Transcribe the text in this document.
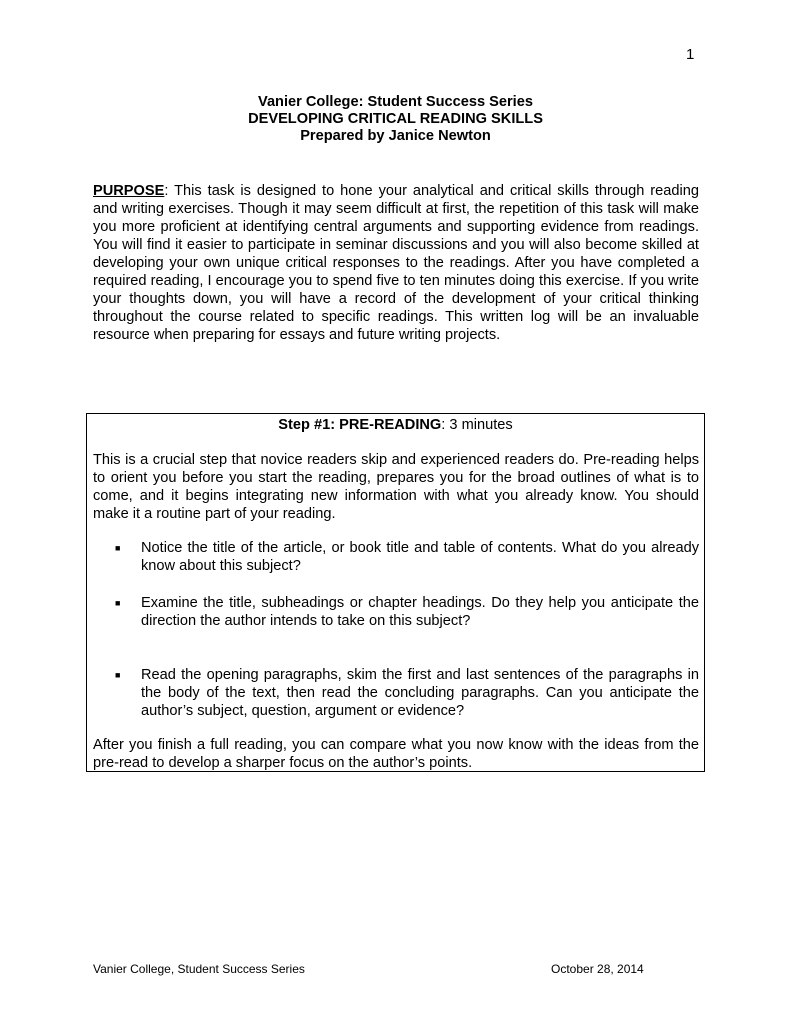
1
Vanier College: Student Success Series
DEVELOPING CRITICAL READING SKILLS
Prepared by Janice Newton
PURPOSE: This task is designed to hone your analytical and critical skills through reading and writing exercises. Though it may seem difficult at first, the repetition of this task will make you more proficient at identifying central arguments and supporting evidence from readings. You will find it easier to participate in seminar discussions and you will also become skilled at developing your own unique critical responses to the readings. After you have completed a required reading, I encourage you to spend five to ten minutes doing this exercise. If you write your thoughts down, you will have a record of the development of your critical thinking throughout the course related to specific readings. This written log will be an invaluable resource when preparing for essays and future writing projects.
Step #1: PRE-READING: 3 minutes
This is a crucial step that novice readers skip and experienced readers do. Pre-reading helps to orient you before you start the reading, prepares you for the broad outlines of what is to come, and it begins integrating new information with what you already know. You should make it a routine part of your reading.
■ Notice the title of the article, or book title and table of contents. What do you already know about this subject?
■ Examine the title, subheadings or chapter headings. Do they help you anticipate the direction the author intends to take on this subject?
■ Read the opening paragraphs, skim the first and last sentences of the paragraphs in the body of the text, then read the concluding paragraphs. Can you anticipate the author’s subject, question, argument or evidence?
After you finish a full reading, you can compare what you now know with the ideas from the pre-read to develop a sharper focus on the author’s points.
Vanier College, Student Success Series	October 28, 2014
